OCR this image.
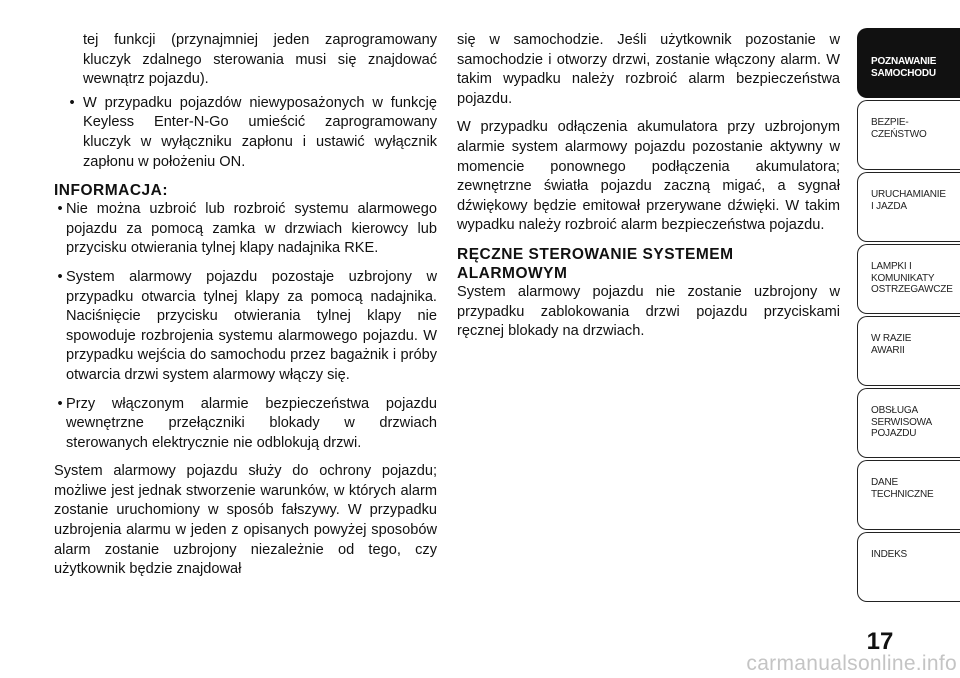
tej funkcji (przynajmniej jeden zaprogramowany kluczyk zdalnego sterowania musi się znajdować wewnątrz pojazdu).

• W przypadku pojazdów niewyposażonych w funkcję Keyless Enter-N-Go umieścić zaprogramowany kluczyk w wyłączniku zapłonu i ustawić wyłącznik zapłonu w położeniu ON.

INFORMACJA:

• Nie można uzbroić lub rozbroić systemu alarmowego pojazdu za pomocą zamka w drzwiach kierowcy lub przycisku otwierania tylnej klapy nadajnika RKE.

• System alarmowy pojazdu pozostaje uzbrojony w przypadku otwarcia tylnej klapy za pomocą nadajnika. Naciśnięcie przycisku otwierania tylnej klapy nie spowoduje rozbrojenia systemu alarmowego pojazdu. W przypadku wejścia do samochodu przez bagażnik i próby otwarcia drzwi system alarmowy włączy się.

• Przy włączonym alarmie bezpieczeństwa pojazdu wewnętrzne przełączniki blokady w drzwiach sterowanych elektrycznie nie odblokują drzwi.

System alarmowy pojazdu służy do ochrony pojazdu; możliwe jest jednak stworzenie warunków, w których alarm zostanie uruchomiony w sposób fałszywy. W przypadku uzbrojenia alarmu w jeden z opisanych powyżej sposobów alarm zostanie uzbrojony niezależnie od tego, czy użytkownik będzie znajdował

się w samochodzie. Jeśli użytkownik pozostanie w samochodzie i otworzy drzwi, zostanie włączony alarm. W takim wypadku należy rozbroić alarm bezpieczeństwa pojazdu.

W przypadku odłączenia akumulatora przy uzbrojonym alarmie system alarmowy pojazdu pozostanie aktywny w momencie ponownego podłączenia akumulatora; zewnętrzne światła pojazdu zaczną migać, a sygnał dźwiękowy będzie emitował przerywane dźwięki. W takim wypadku należy rozbroić alarm bezpieczeństwa pojazdu.

RĘCZNE STEROWANIE SYSTEMEM
ALARMOWYM

System alarmowy pojazdu nie zostanie uzbrojony w przypadku zablokowania drzwi pojazdu przyciskami ręcznej blokady na drzwiach.

POZNAWANIE
SAMOCHODU
BEZPIE-
CZEŃSTWO
URUCHAMIANIE
I JAZDA
LAMPKI I
KOMUNIKATY
OSTRZEGAWCZE
W RAZIE
AWARII
OBSŁUGA
SERWISOWA
POJAZDU
DANE
TECHNICZNE
INDEKS
17
carmanualsonline.info
